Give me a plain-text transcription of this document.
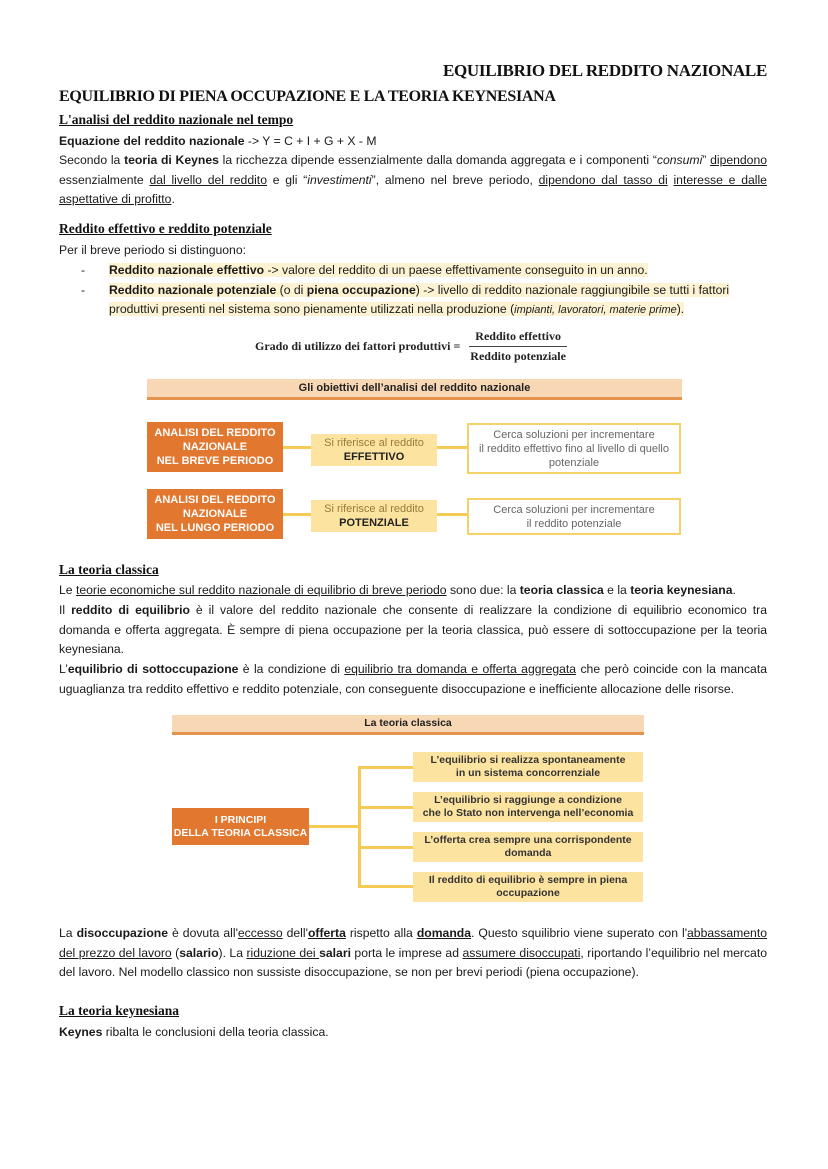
EQUILIBRIO DEL REDDITO NAZIONALE
EQUILIBRIO DI PIENA OCCUPAZIONE E LA TEORIA KEYNESIANA
L'analisi del reddito nazionale nel tempo
Equazione del reddito nazionale -> Y = C + I + G + X - M
Secondo la teoria di Keynes la ricchezza dipende essenzialmente dalla domanda aggregata e i componenti “consumi” dipendono essenzialmente dal livello del reddito e gli “investimenti”, almeno nel breve periodo, dipendono dal tasso di interesse e dalle aspettative di profitto.
Reddito effettivo e reddito potenziale
Per il breve periodo si distinguono:
- Reddito nazionale effettivo -> valore del reddito di un paese effettivamente conseguito in un anno.
- Reddito nazionale potenziale (o di piena occupazione) -> livello di reddito nazionale raggiungibile se tutti i fattori
produttivi presenti nel sistema sono pienamente utilizzati nella produzione (impianti, lavoratori, materie prime).
Grado di utilizzo dei fattori produttivi = $\frac{\text{Reddito effettivo}}{\text{Reddito potenziale}}$
Gli obiettivi dell’analisi del reddito nazionale
ANALISI DEL REDDITO
NAZIONALE
NEL BREVE PERIODO
Si riferisce al reddito
EFFETTIVO
Cerca soluzioni per incrementare
il reddito effettivo fino al livello di quello
potenziale
ANALISI DEL REDDITO
NAZIONALE
NEL LUNGO PERIODO
Si riferisce al reddito
POTENZIALE
Cerca soluzioni per incrementare
il reddito potenziale
La teoria classica
Le teorie economiche sul reddito nazionale di equilibrio di breve periodo sono due: la teoria classica e la teoria keynesiana.
Il reddito di equilibrio è il valore del reddito nazionale che consente di realizzare la condizione di equilibrio economico tra domanda e offerta aggregata. È sempre di piena occupazione per la teoria classica, può essere di sottoccupazione per la teoria keynesiana.
L’equilibrio di sottoccupazione è la condizione di equilibrio tra domanda e offerta aggregata che però coincide con la mancata uguaglianza tra reddito effettivo e reddito potenziale, con conseguente disoccupazione e inefficiente allocazione delle risorse.
La teoria classica
I PRINCIPI
DELLA TEORIA CLASSICA
L’equilibrio si realizza spontaneamente
in un sistema concorrenziale
L’equilibrio si raggiunge a condizione
che lo Stato non intervenga nell’economia
L’offerta crea sempre una corrispondente
domanda
Il reddito di equilibrio è sempre in piena
occupazione
La disoccupazione è dovuta all'eccesso dell'offerta rispetto alla domanda. Questo squilibrio viene superato con l'abbassamento del prezzo del lavoro (salario). La riduzione dei salari porta le imprese ad assumere disoccupati, riportando l’equilibrio nel mercato del lavoro. Nel modello classico non sussiste disoccupazione, se non per brevi periodi (piena occupazione).
La teoria keynesiana
Keynes ribalta le conclusioni della teoria classica.
